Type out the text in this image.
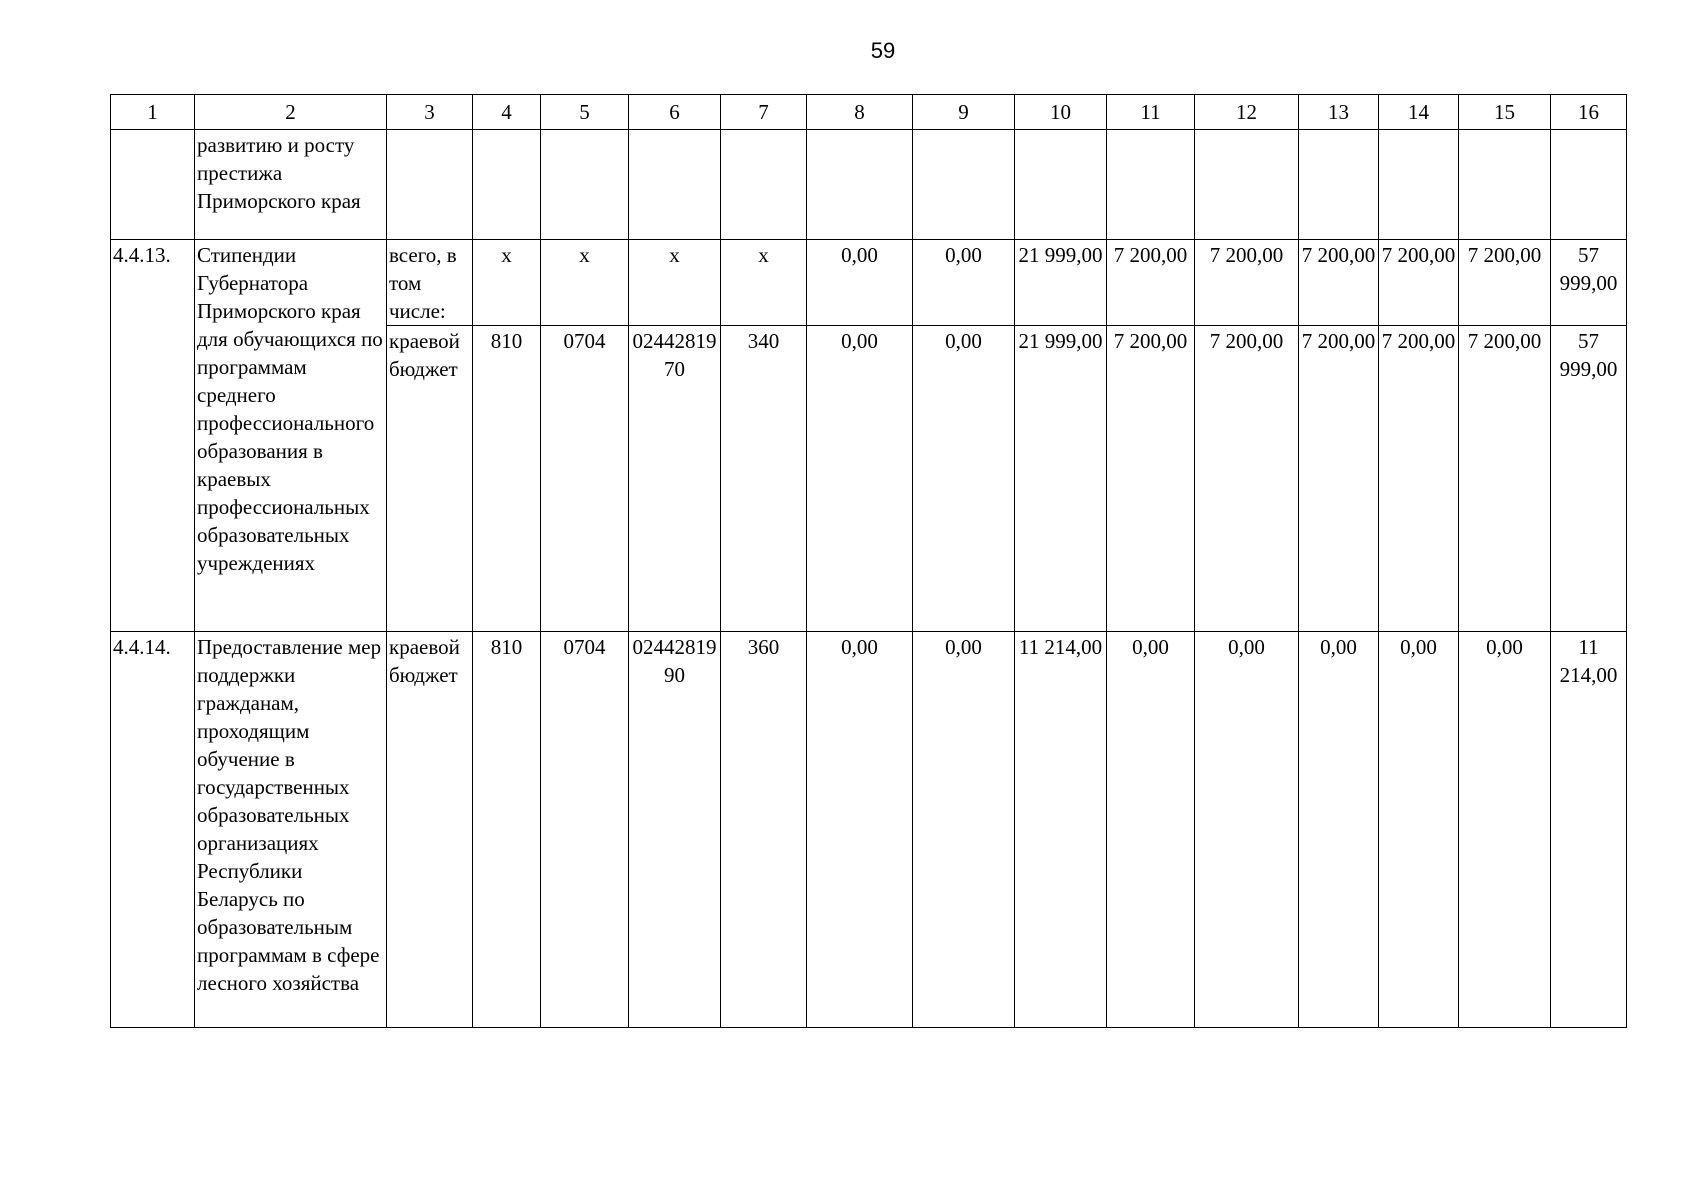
59
1	2	3	4	5	6	7	8	9	10	11	12	13	14	15	16
	развитию и росту престижа Приморского края														
4.4.13.	Стипендии Губернатора Приморского края для обучающихся по программам среднего профессионального образования в краевых профессиональных образовательных учреждениях	всего, в том числе:	х	х	х	х	0,00	0,00	21 999,00	7 200,00	7 200,00	7 200,00	7 200,00	7 200,00	57 999,00
		краевой бюджет	810	0704	0244281970	340	0,00	0,00	21 999,00	7 200,00	7 200,00	7 200,00	7 200,00	7 200,00	57 999,00
4.4.14.	Предоставление мер поддержки гражданам, проходящим обучение в государственных образовательных организациях Республики Беларусь по образовательным программам в сфере лесного хозяйства	краевой бюджет	810	0704	0244281990	360	0,00	0,00	11 214,00	0,00	0,00	0,00	0,00	0,00	11 214,00
